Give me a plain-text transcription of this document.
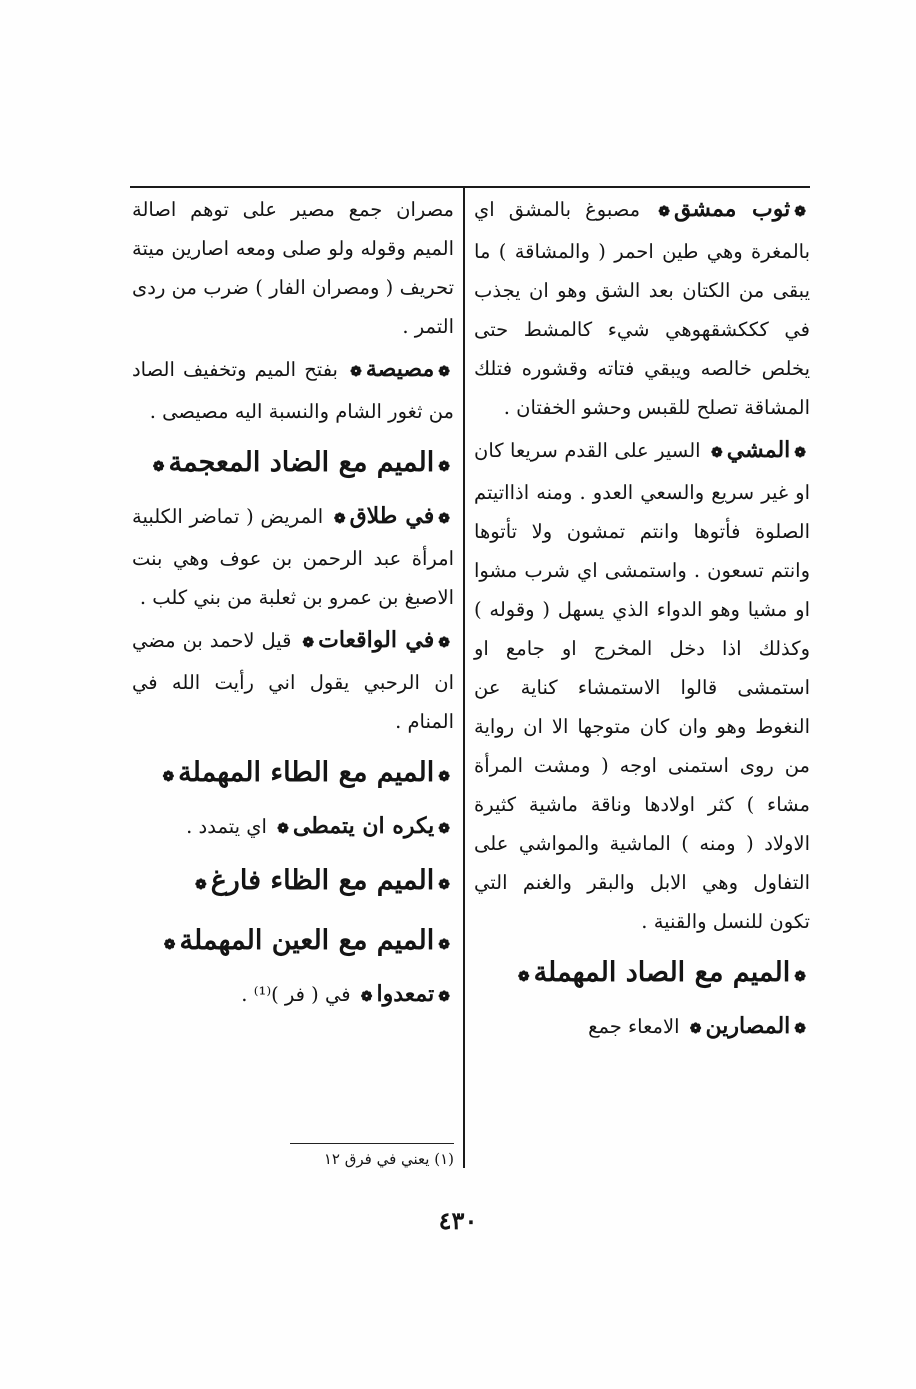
❁ثوب ممشق❁ مصبوغ بالمشق اي بالمغرة وهي طين احمر ( والمشاقة ) ما يبقى من الكتان بعد الشق وهو ان يجذب في كككشقهوهي شيء كالمشط حتى يخلص خالصه ويبقي فتاته وقشوره فتلك المشاقة تصلح للقبس وحشو الخفتان .
❁المشي❁ السير على القدم سريعا كان او غير سريع والسعي العدو . ومنه اذااتيتم الصلوة فأتوها وانتم تمشون ولا تأتوها وانتم تسعون . واستمشى اي شرب مشوا او مشيا وهو الدواء الذي يسهل ( وقوله ) وكذلك اذا دخل المخرج او جامع او استمشى قالوا الاستمشاء كناية عن النغوط وهو وان كان متوجها الا ان رواية من روى استمنى اوجه ( ومشت المرأة مشاء ) كثر اولادها وناقة ماشية كثيرة الاولاد ( ومنه ) الماشية والمواشي على التفاول وهي الابل والبقر والغنم التي تكون للنسل والقنية .
❁الميم مع الصاد المهملة❁
❁المصارين❁ الامعاء جمع
مصران جمع مصير على توهم اصالة الميم وقوله ولو صلى ومعه اصارين ميتة تحريف ( ومصران الفار ) ضرب من ردى التمر .
❁مصيصة❁ بفتح الميم وتخفيف الصاد من ثغور الشام والنسبة اليه مصيصى .
❁الميم مع الضاد المعجمة❁
❁في طلاق❁ المريض ( تماضر الكلبية امرأة عبد الرحمن بن عوف وهي بنت الاصبغ بن عمرو بن ثعلبة من بني كلب .
❁في الواقعات❁ قيل لاحمد بن مضي ان الرحبي يقول اني رأيت الله في المنام .
❁الميم مع الطاء المهملة❁
❁يكره ان يتمطى❁ اي يتمدد .
❁الميم مع الظاء فارغ❁
❁الميم مع العين المهملة❁
❁تمعدوا❁ في ( فر )⁽¹⁾ .
(١) يعني في فرق ١٢
٤٣٠
